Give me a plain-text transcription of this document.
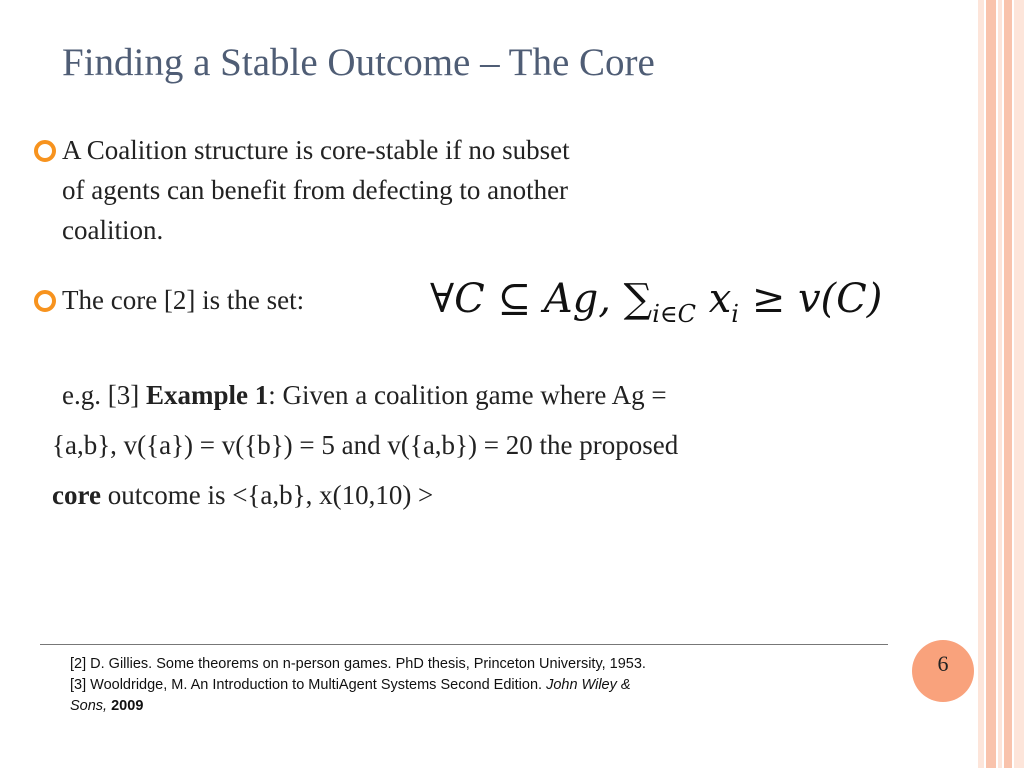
Finding a Stable Outcome – The Core
A Coalition structure is core-stable if no subset
of agents can benefit from defecting to another
coalition.
The core [2] is the set:	∀C ⊆ Ag, $\sum_{i\in C}$ $x_i \ge v(C)$
e.g. [3] Example 1: Given a coalition game where Ag =
{a,b}, v({a}) = v({b}) = 5 and v({a,b}) = 20 the proposed
core outcome is <{a,b}, x(10,10) >
[2] D. Gillies. Some theorems on n-person games. PhD thesis, Princeton University, 1953.
[3] Wooldridge, M. An Introduction to MultiAgent Systems Second Edition. John Wiley &
Sons, 2009
6
